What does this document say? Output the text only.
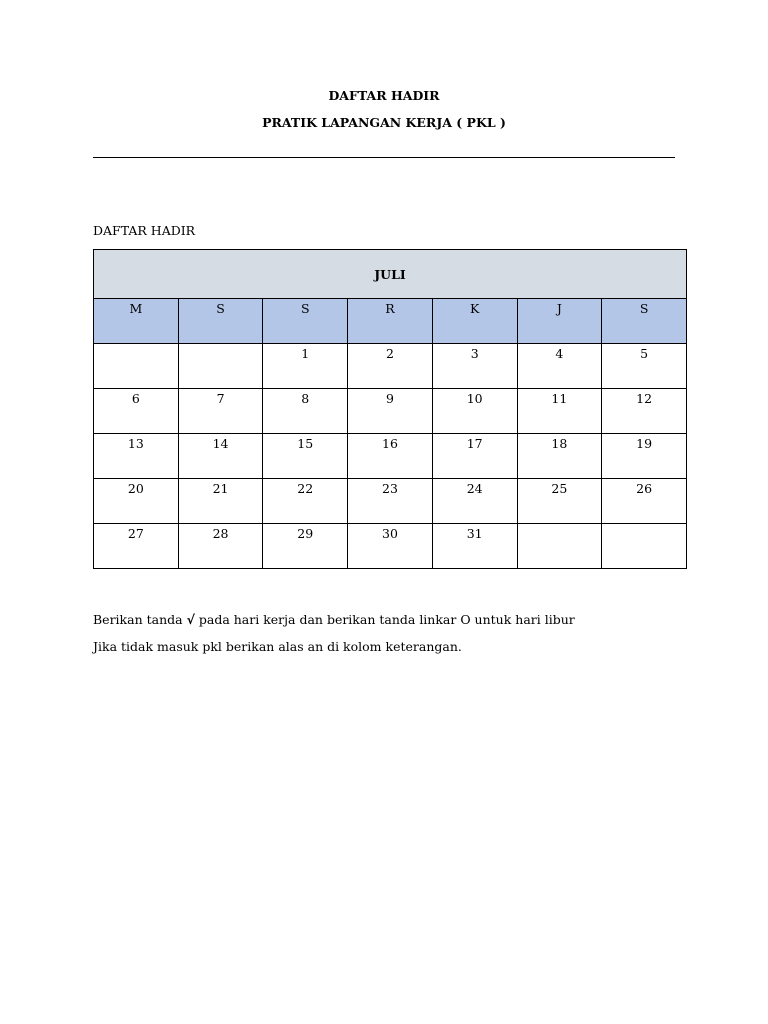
DAFTAR HADIR
PRATIK LAPANGAN KERJA ( PKL )
DAFTAR HADIR
JULI						
M	S	S	R	K	J	S
		1	2	3	4	5
6	7	8	9	10	11	12
13	14	15	16	17	18	19
20	21	22	23	24	25	26
27	28	29	30	31		
Berikan tanda √ pada hari kerja dan berikan tanda linkar O untuk hari libur
Jika tidak masuk pkl berikan alas an di kolom keterangan.
